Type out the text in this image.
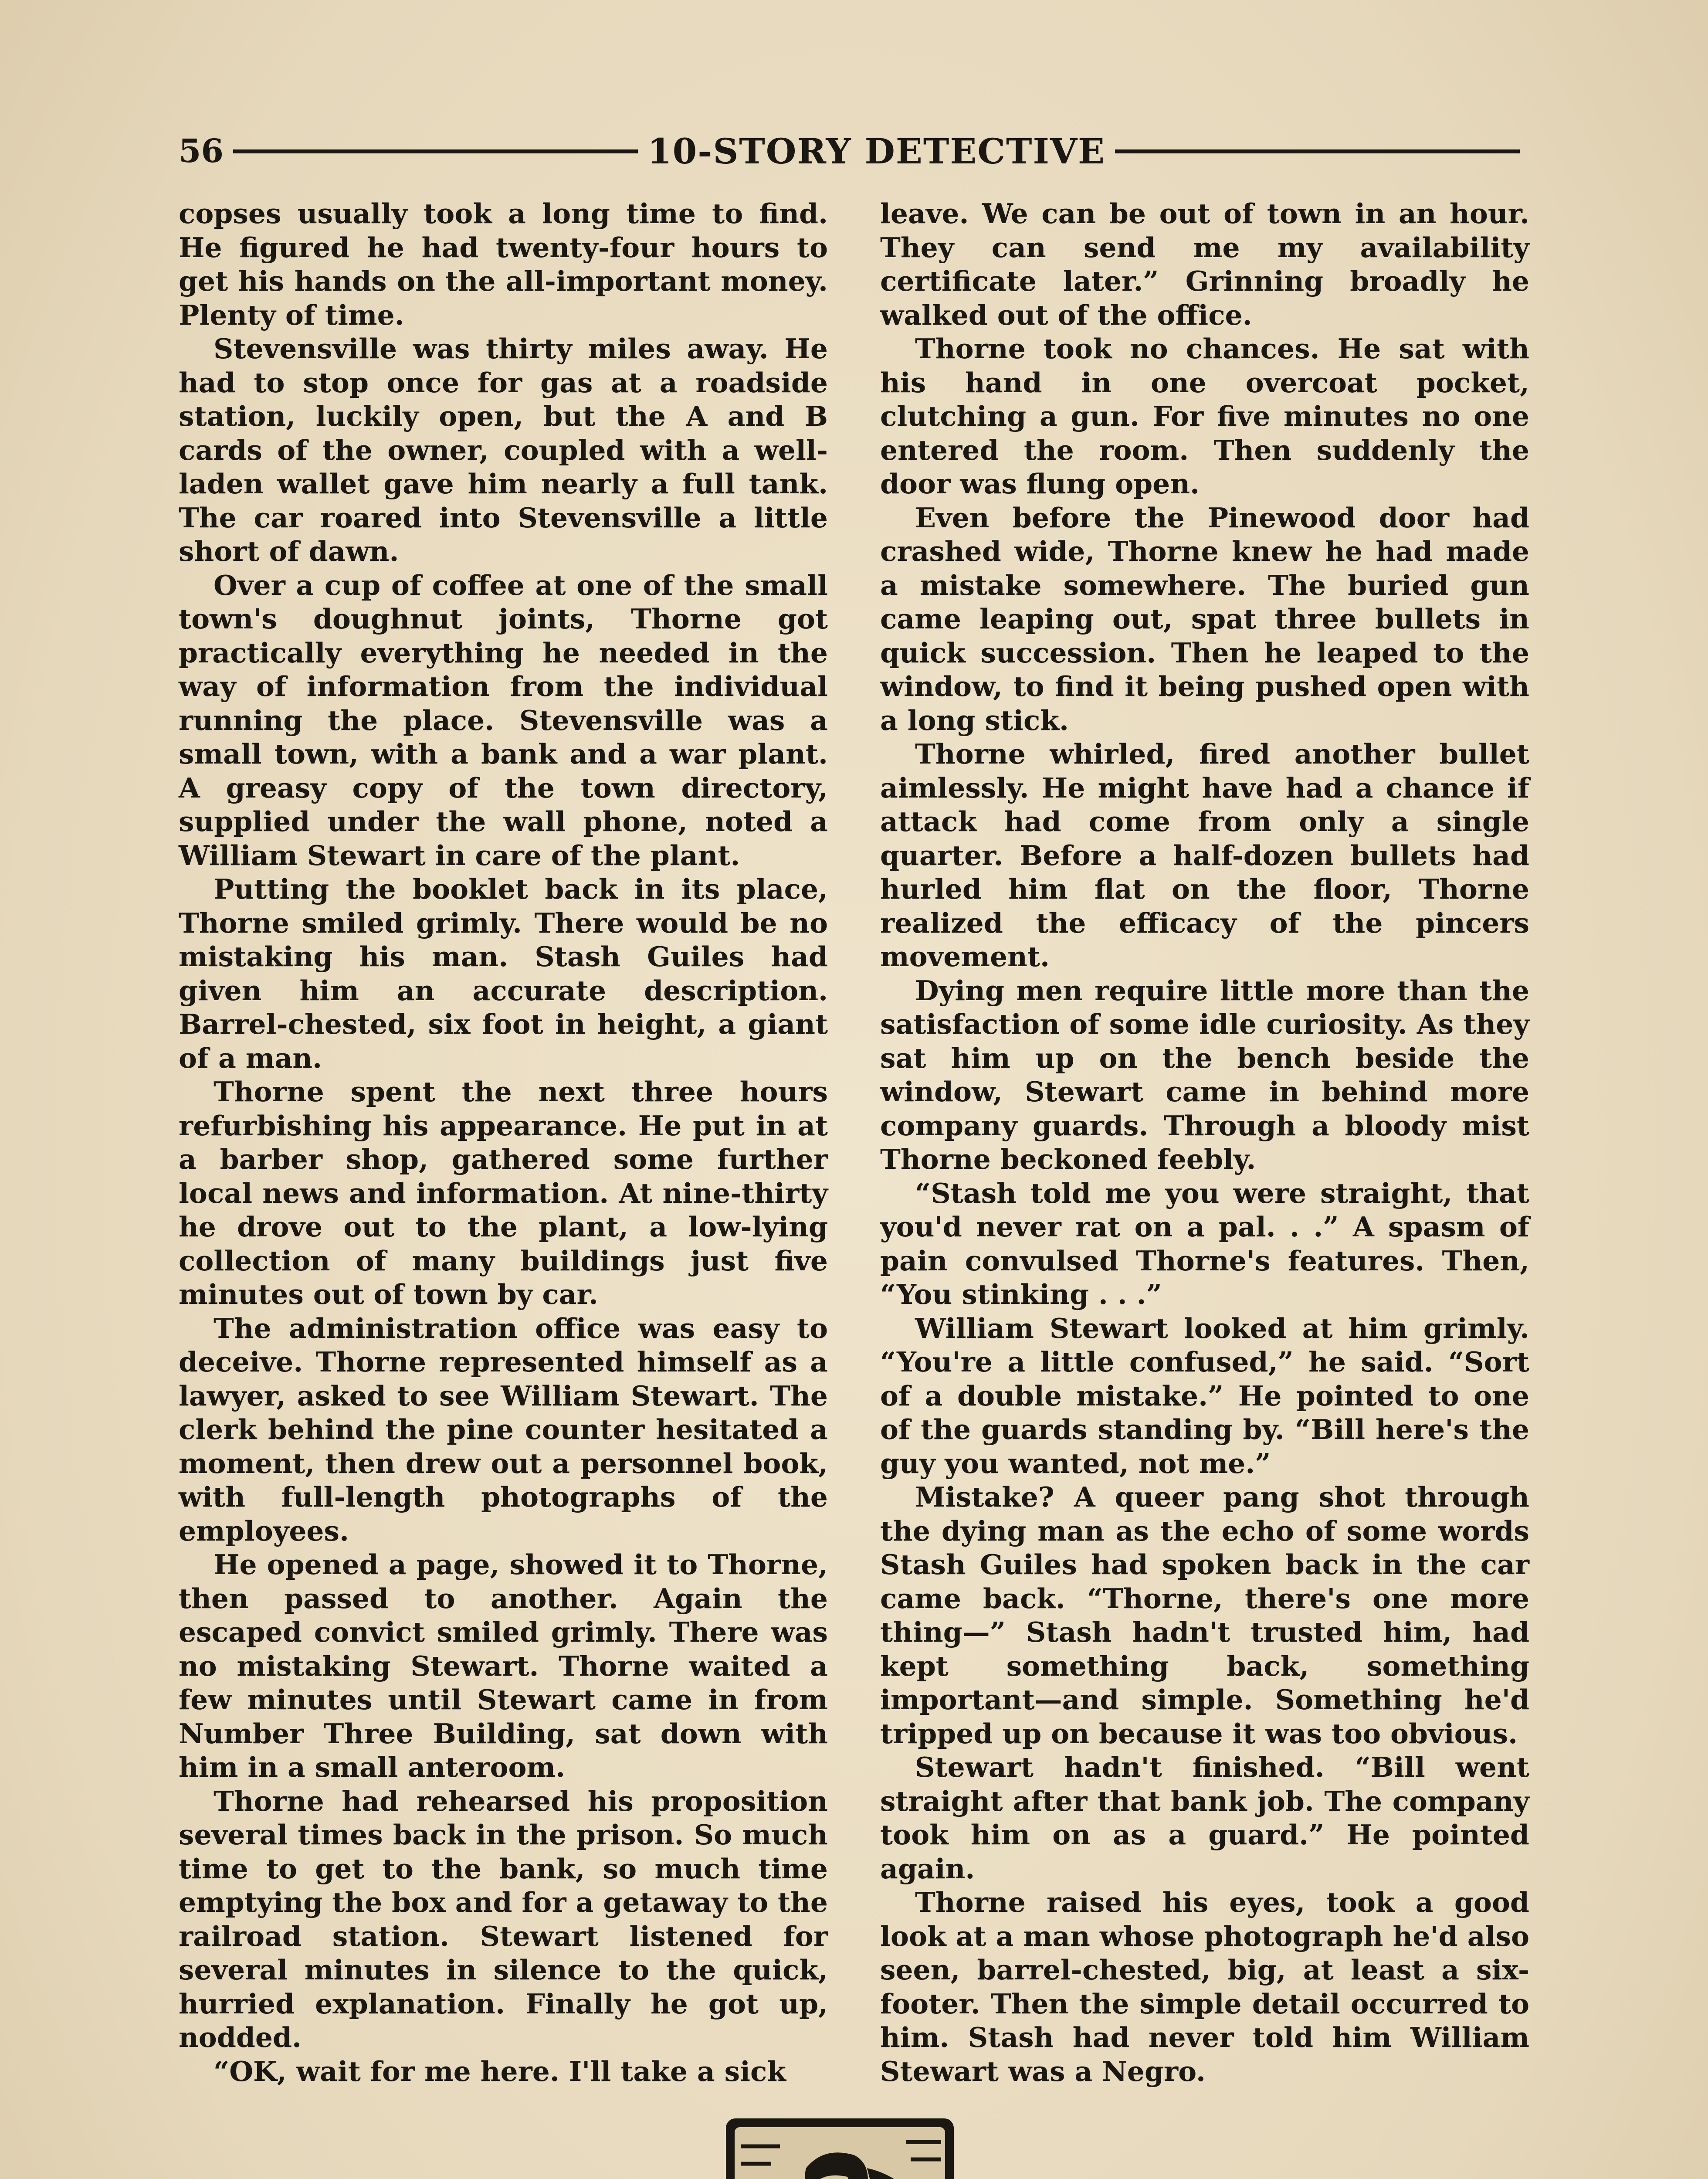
56	10-STORY DETECTIVE

copses usually took a long time to find. He figured he had twenty-four hours to get his hands on the all-important money. Plenty of time.

Stevensville was thirty miles away. He had to stop once for gas at a roadside station, luckily open, but the A and B cards of the owner, coupled with a well-laden wallet gave him nearly a full tank. The car roared into Stevensville a little short of dawn.

Over a cup of coffee at one of the small town's doughnut joints, Thorne got practically everything he needed in the way of information from the individual running the place. Stevensville was a small town, with a bank and a war plant. A greasy copy of the town directory, supplied under the wall phone, noted a William Stewart in care of the plant.

Putting the booklet back in its place, Thorne smiled grimly. There would be no mistaking his man. Stash Guiles had given him an accurate description. Barrel-chested, six foot in height, a giant of a man.

Thorne spent the next three hours refurbishing his appearance. He put in at a barber shop, gathered some further local news and information. At nine-thirty he drove out to the plant, a low-lying collection of many buildings just five minutes out of town by car.

The administration office was easy to deceive. Thorne represented himself as a lawyer, asked to see William Stewart. The clerk behind the pine counter hesitated a moment, then drew out a personnel book, with full-length photographs of the employees.

He opened a page, showed it to Thorne, then passed to another. Again the escaped convict smiled grimly. There was no mistaking Stewart. Thorne waited a few minutes until Stewart came in from Number Three Building, sat down with him in a small anteroom.

Thorne had rehearsed his proposition several times back in the prison. So much time to get to the bank, so much time emptying the box and for a getaway to the railroad station. Stewart listened for several minutes in silence to the quick, hurried explanation. Finally he got up, nodded.

“OK, wait for me here. I'll take a sick

leave. We can be out of town in an hour. They can send me my availability certificate later.” Grinning broadly he walked out of the office.

Thorne took no chances. He sat with his hand in one overcoat pocket, clutching a gun. For five minutes no one entered the room. Then suddenly the door was flung open.

Even before the Pinewood door had crashed wide, Thorne knew he had made a mistake somewhere. The buried gun came leaping out, spat three bullets in quick succession. Then he leaped to the window, to find it being pushed open with a long stick.

Thorne whirled, fired another bullet aimlessly. He might have had a chance if attack had come from only a single quarter. Before a half-dozen bullets had hurled him flat on the floor, Thorne realized the efficacy of the pincers movement.

Dying men require little more than the satisfaction of some idle curiosity. As they sat him up on the bench beside the window, Stewart came in behind more company guards. Through a bloody mist Thorne beckoned feebly.

“Stash told me you were straight, that you'd never rat on a pal. . .” A spasm of pain convulsed Thorne's features. Then, “You stinking . . .”

William Stewart looked at him grimly. “You're a little confused,” he said. “Sort of a double mistake.” He pointed to one of the guards standing by. “Bill here's the guy you wanted, not me.”

Mistake? A queer pang shot through the dying man as the echo of some words Stash Guiles had spoken back in the car came back. “Thorne, there's one more thing—” Stash hadn't trusted him, had kept something back, something important—and simple. Something he'd tripped up on because it was too obvious.

Stewart hadn't finished. “Bill went straight after that bank job. The company took him on as a guard.” He pointed again.

Thorne raised his eyes, took a good look at a man whose photograph he'd also seen, barrel-chested, big, at least a six-footer. Then the simple detail occurred to him. Stash had never told him William Stewart was a Negro.
